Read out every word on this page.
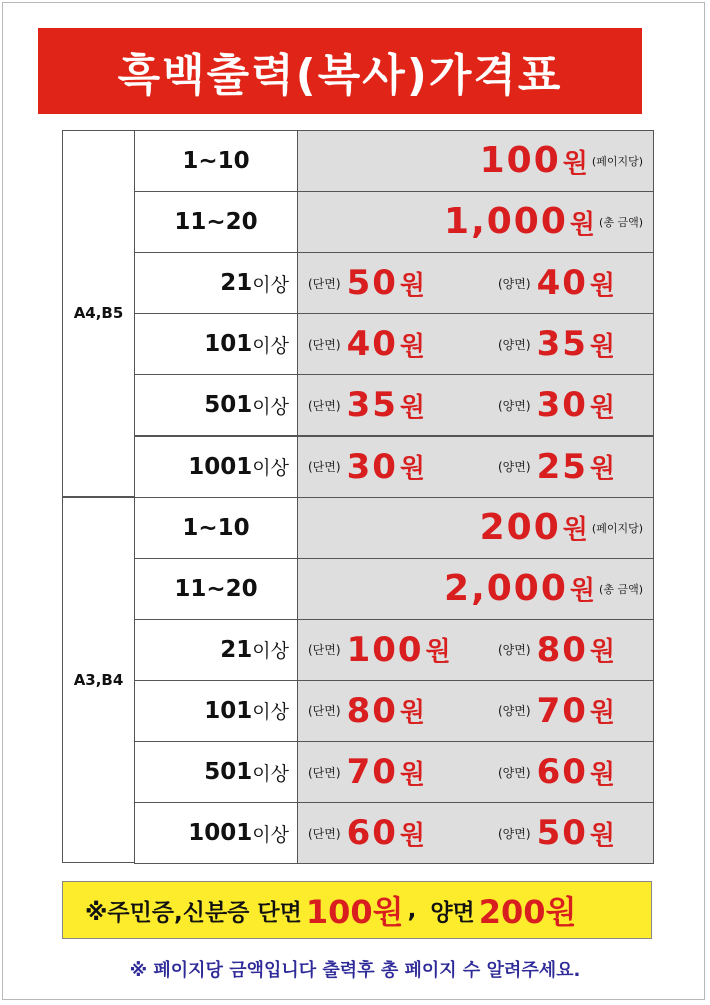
흑백출력(복사)가격표
A4,B5
1~10	100 원 (페이지당)
11~20	1,000 원 (총 금액)
21 이상 (단면) 50 원	(양면) 40 원
101 이상 (단면) 40 원	(양면) 35 원
501 이상 (단면) 35 원	(양면) 30 원
1001 이상 (단면) 30 원	(양면) 25 원
A3,B4
1~10	200 원 (페이지당)
11~20	2,000 원 (총 금액)
21 이상 (단면) 100 원	(양면) 80 원
101 이상 (단면) 80 원	(양면) 70 원
501 이상 (단면) 70 원	(양면) 60 원
1001 이상 (단면) 60 원	(양면) 50 원
※주민증,신분증 단면 100원 , 양면 200원
※ 페이지당 금액입니다 출력후 총 페이지 수 알려주세요.
